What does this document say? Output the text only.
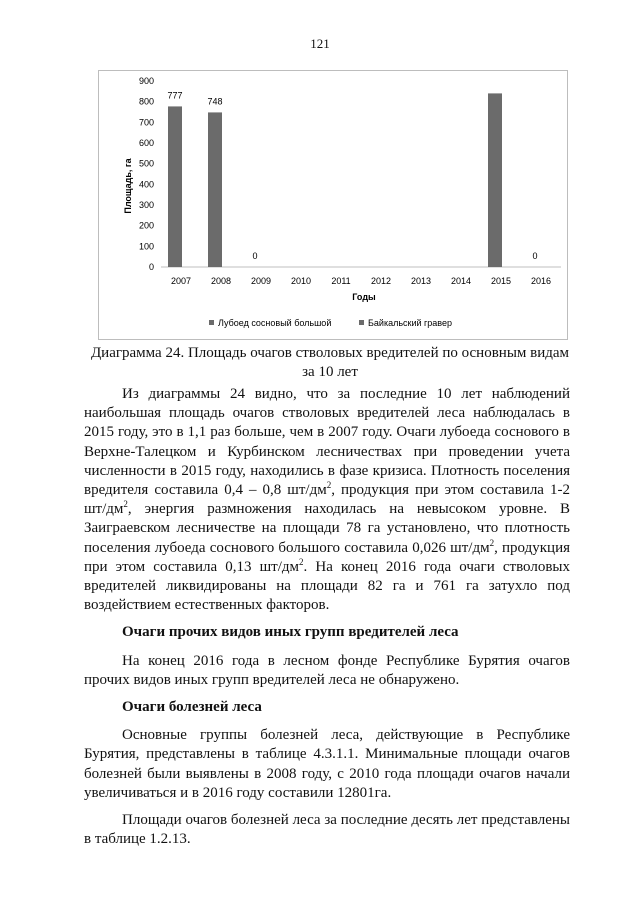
121
0
100
200
300
400
500
600
700
800
900
2007 2008 2009 2010 2011 2012 2013 2014 2015 2016
777
748
0	0
Площадь, га
Годы
Лубоед сосновый большой	Байкальский гравер
Диаграмма 24. Площадь очагов стволовых вредителей по основным видам
за 10 лет

Из диаграммы 24 видно, что за последние 10 лет наблюдений наибольшая площадь очагов стволовых вредителей леса наблюдалась в 2015 году, это в 1,1 раз больше, чем в 2007 году. Очаги лубоеда соснового в Верхне-Талецком и Курбинском лесничествах при проведении учета численности в 2015 году, находились в фазе кризиса. Плотность поселения вредителя составила 0,4 – 0,8 $шт/дм^2$, продукция при этом составила 1-2 $шт/дм^2$, энергия размножения находилась на невысоком уровне. В Заиграевском лесничестве на площади 78 га установлено, что плотность поселения лубоеда соснового большого составила 0,026 $шт/дм^2$, продукция при этом составила 0,13 $шт/дм^2$. На конец 2016 года очаги стволовых вредителей ликвидированы на площади 82 га и 761 га затухло под воздействием естественных факторов.

Очаги прочих видов иных групп вредителей леса

На конец 2016 года в лесном фонде Республике Бурятия очагов прочих видов иных групп вредителей леса не обнаружено.

Очаги болезней леса

Основные группы болезней леса, действующие в Республике Бурятия, представлены в таблице 4.3.1.1. Минимальные площади очагов болезней были выявлены в 2008 году, с 2010 года площади очагов начали увеличиваться и в 2016 году составили 12801га.

Площади очагов болезней леса за последние десять лет представлены в таблице 1.2.13.
